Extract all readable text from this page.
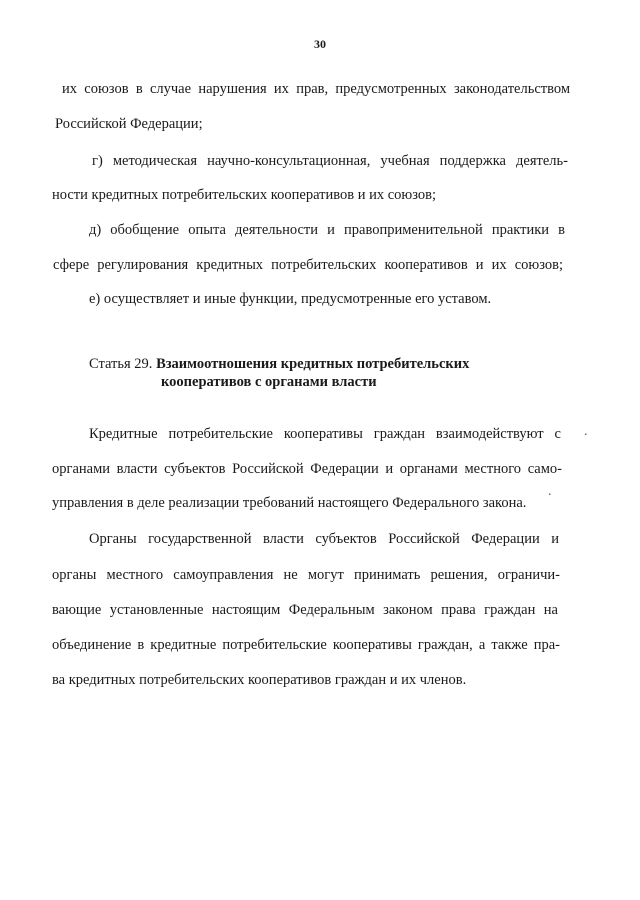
30
их союзов в случае нарушения их прав, предусмотренных законодательством
Российской Федерации;
г) методическая научно-консультационная, учебная поддержка деятель-
ности кредитных потребительских кооперативов и их союзов;
д) обобщение опыта деятельности и правоприменительной практики в
сфере регулирования кредитных потребительских кооперативов и их союзов;
е) осуществляет и иные функции, предусмотренные его уставом.
Статья 29. Взаимоотношения кредитных потребительских
кооперативов с органами власти
Кредитные потребительские кооперативы граждан взаимодействуют с
органами власти субъектов Российской Федерации и органами местного само-
управления в деле реализации требований настоящего Федерального закона.
Органы государственной власти субъектов Российской Федерации и
органы местного самоуправления не могут принимать решения, ограничи-
вающие установленные настоящим Федеральным законом права граждан на
объединение в кредитные потребительские кооперативы граждан, а также пра-
ва кредитных потребительских кооперативов граждан и их членов.
.
.
